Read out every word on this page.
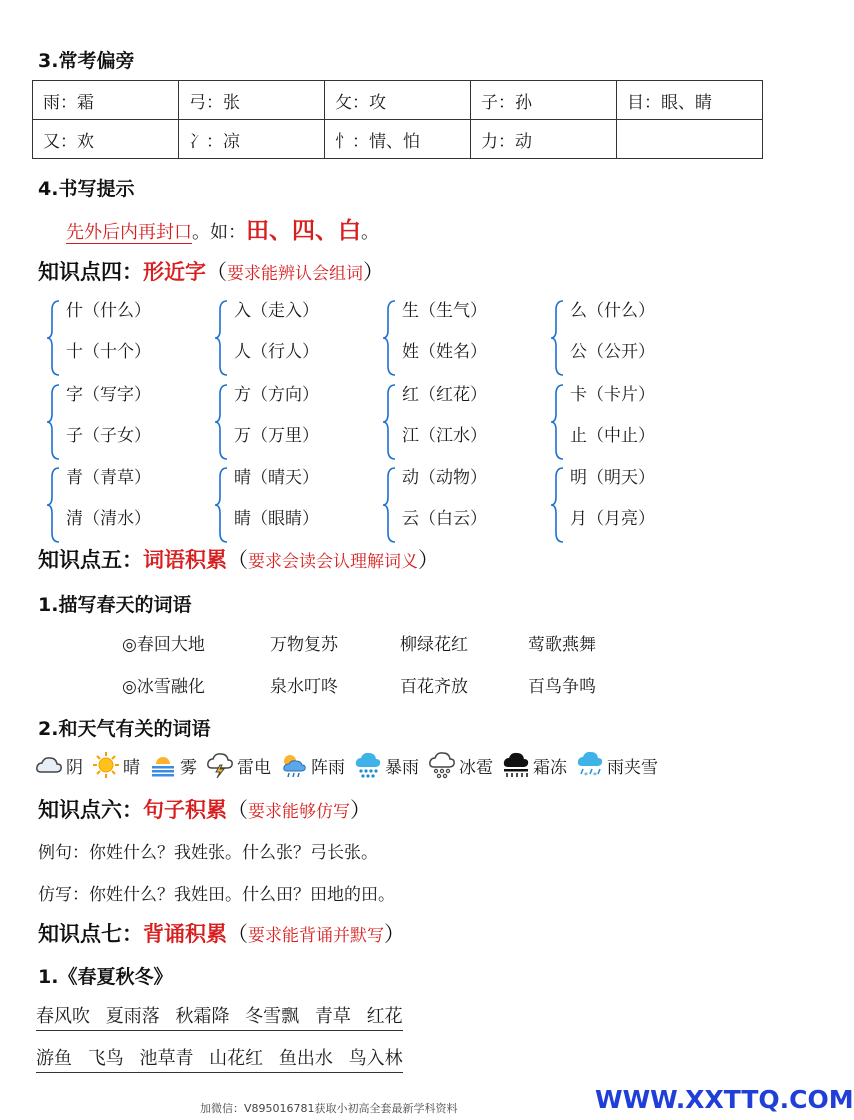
3.常考偏旁
雨：霜	弓：张	攵：攻	子：孙	目：眼、睛
又：欢	冫：凉	忄：情、怕	力：动	
4.书写提示
先外后内再封口。如：田、四、白。
知识点四：形近字（要求能辨认会组词）
什（什么）
十（十个）
入（走入）
人（行人）
生（生气）
姓（姓名）
么（什么）
公（公开）
字（写字）
子（子女）
方（方向）
万（万里）
红（红花）
江（江水）
卡（卡片）
止（中止）
青（青草）
清（清水）
晴（晴天）
睛（眼睛）
动（动物）
云（白云）
明（明天）
月（月亮）
知识点五：词语积累（要求会读会认理解词义）
1.描写春天的词语
◎春回大地	万物复苏	柳绿花红	莺歌燕舞
◎冰雪融化	泉水叮咚	百花齐放	百鸟争鸣
2.和天气有关的词语
阴 晴 雾 雷电 阵雨 暴雨 冰雹 霜冻 * * 雨夹雪
知识点六：句子积累（要求能够仿写）
例句：你姓什么？我姓张。什么张？弓长张。
仿写：你姓什么？我姓田。什么田？田地的田。
知识点七：背诵积累（要求能背诵并默写）
1.《春夏秋冬》
春风吹 夏雨落 秋霜降 冬雪飘 青草 红花
游鱼 飞鸟 池草青 山花红 鱼出水 鸟入林
加微信：V895016781获取小初高全套最新学科资料	WWW.XXTTQ.COM
